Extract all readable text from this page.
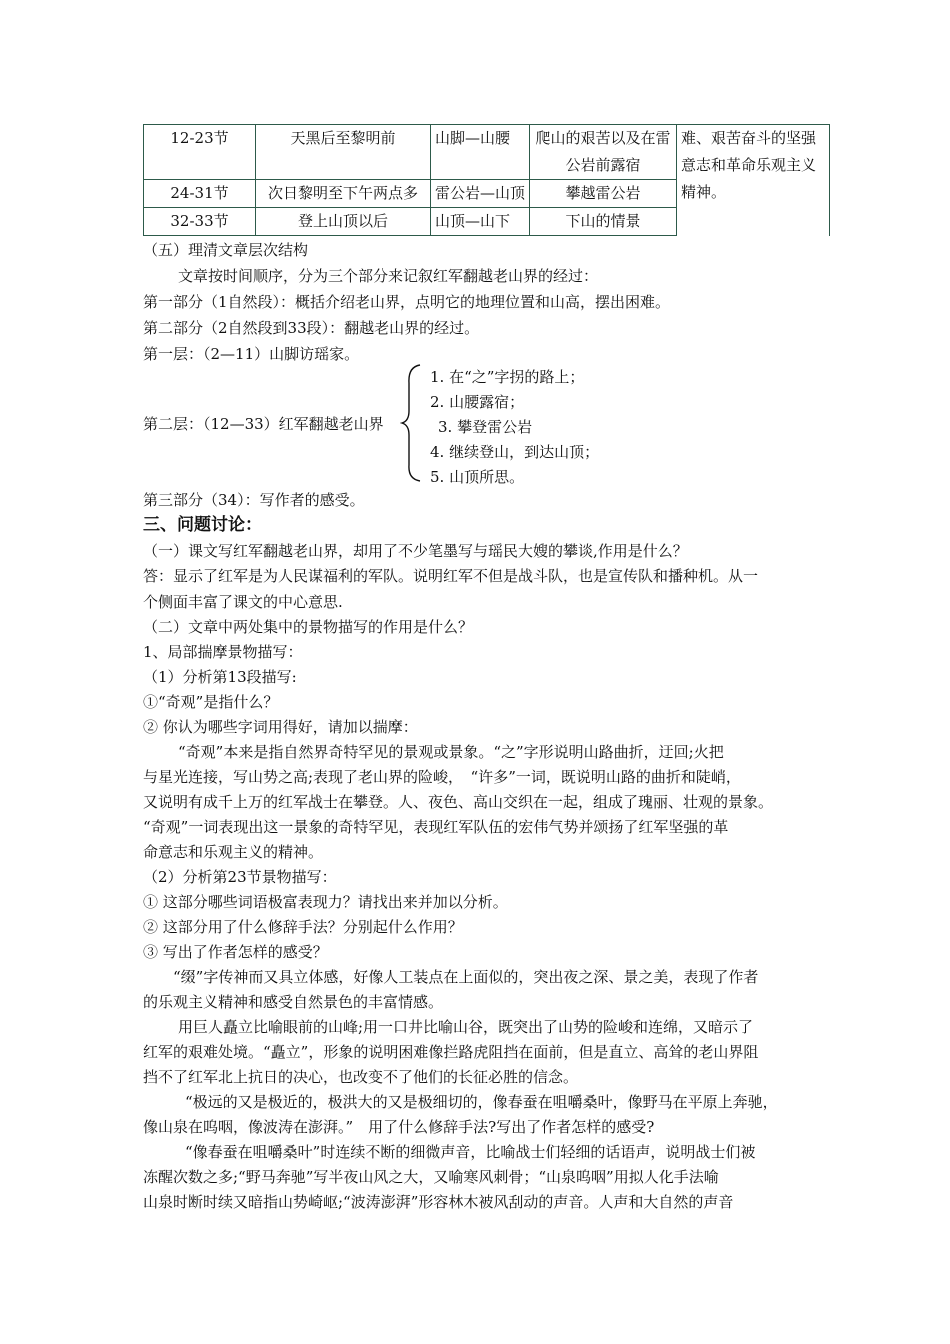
12-23节	天黑后至黎明前	山脚—山腰	爬山的艰苦以及在雷公岩前露宿	难、艰苦奋斗的坚强意志和革命乐观主义精神。
24-31节	次日黎明至下午两点多	雷公岩—山顶	攀越雷公岩	
32-33节	登上山顶以后	山顶—山下	下山的情景	
（五）理清文章层次结构
文章按时间顺序，分为三个部分来记叙红军翻越老山界的经过：
第一部分（1自然段）：概括介绍老山界，点明它的地理位置和山高，摆出困难。
第二部分（2自然段到33段）：翻越老山界的经过。
第一层：（2—11）山脚访瑶家。
第二层：（12—33）红军翻越老山界
1. 在“之”字拐的路上；
2. 山腰露宿；
3. 攀登雷公岩
4. 继续登山，到达山顶；
5. 山顶所思。
第三部分（34）：写作者的感受。
三、问题讨论：
（一）课文写红军翻越老山界，却用了不少笔墨写与瑶民大嫂的攀谈,作用是什么？
答：显示了红军是为人民谋福利的军队。说明红军不但是战斗队，也是宣传队和播种机。从一
个侧面丰富了课文的中心意思.
（二）文章中两处集中的景物描写的作用是什么？
1、局部揣摩景物描写：
（1）分析第13段描写:
①“奇观”是指什么？
② 你认为哪些字词用得好，请加以揣摩：
“奇观”本来是指自然界奇特罕见的景观或景象。“之”字形说明山路曲折，迂回;火把
与星光连接，写山势之高;表现了老山界的险峻，　“许多”一词，既说明山路的曲折和陡峭，
又说明有成千上万的红军战士在攀登。人、夜色、高山交织在一起，组成了瑰丽、壮观的景象。
“奇观”一词表现出这一景象的奇特罕见，表现红军队伍的宏伟气势并颂扬了红军坚强的革
命意志和乐观主义的精神。
（2）分析第23节景物描写：
① 这部分哪些词语极富表现力？请找出来并加以分析。
② 这部分用了什么修辞手法？分别起什么作用？
③ 写出了作者怎样的感受？
“缀”字传神而又具立体感，好像人工装点在上面似的，突出夜之深、景之美，表现了作者
的乐观主义精神和感受自然景色的丰富情感。
用巨人矗立比喻眼前的山峰;用一口井比喻山谷，既突出了山势的险峻和连绵，又暗示了
红军的艰难处境。“矗立”，形象的说明困难像拦路虎阻挡在面前，但是直立、高耸的老山界阻
挡不了红军北上抗日的决心，也改变不了他们的长征必胜的信念。
“极远的又是极近的，极洪大的又是极细切的，像春蚕在咀嚼桑叶，像野马在平原上奔驰，
像山泉在呜咽，像波涛在澎湃。”　用了什么修辞手法?写出了作者怎样的感受?
“像春蚕在咀嚼桑叶”时连续不断的细微声音，比喻战士们轻细的话语声，说明战士们被
冻醒次数之多;“野马奔驰”写半夜山风之大，又喻寒风刺骨；“山泉呜咽”用拟人化手法喻
山泉时断时续又暗指山势崎岖;“波涛澎湃”形容林木被风刮动的声音。人声和大自然的声音
